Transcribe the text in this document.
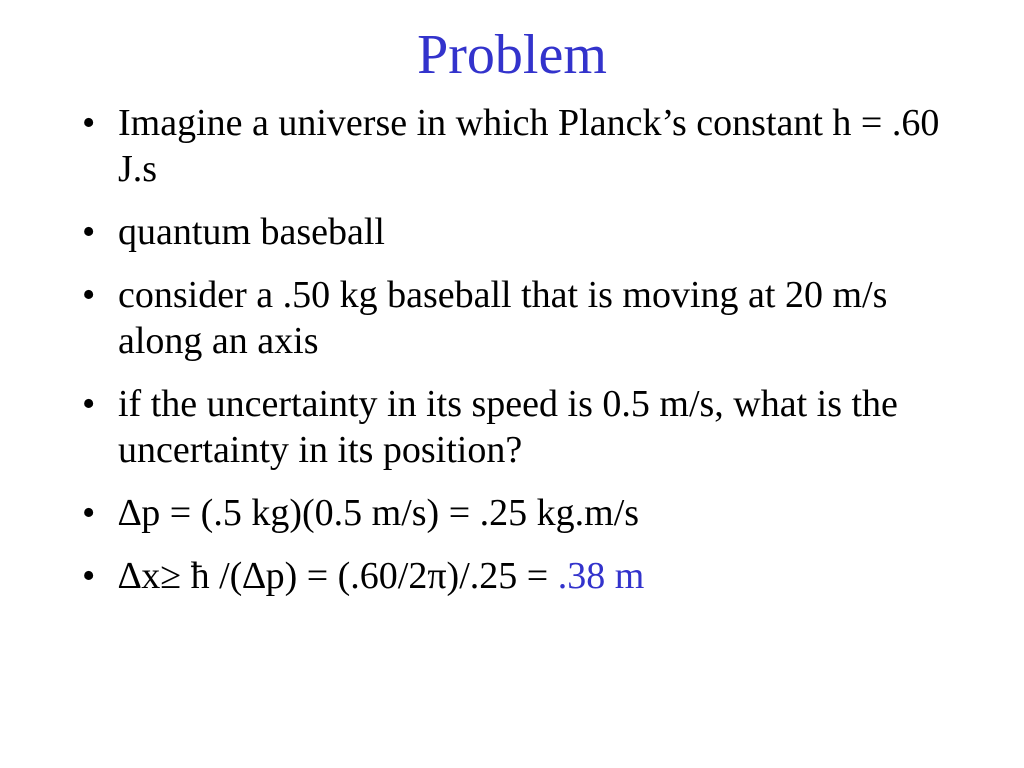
Problem
• Imagine a universe in which Planck’s constant h = .60 J.s
• quantum baseball
• consider a .50 kg baseball that is moving at 20 m/s along an axis
• if the uncertainty in its speed is 0.5 m/s, what is the uncertainty in its position?
• ∆p = (.5 kg)(0.5 m/s) = .25 kg.m/s
• ∆x≥ ħ /(∆p) = (.60/2π)/.25 = .38 m
